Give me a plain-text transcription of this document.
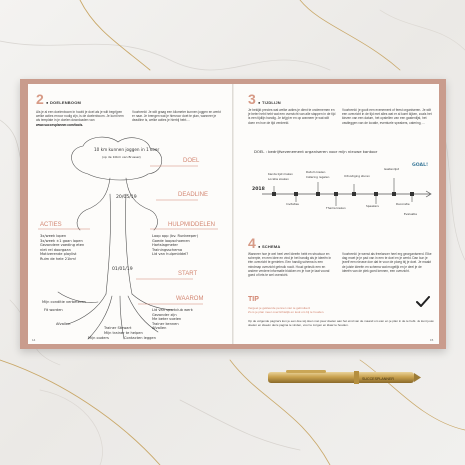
2 ● DOELENBOOM
Als je al een doelenboom in hoofd je doel als je wilt begrijpen welke acties ervoor nodig zijn, is de doelenboom. Je kunt hem als template in je doelen downloaden van www.succesplanner.com/tools.
Voorbeeld: Je wilt graag een kilometer kunnen joggen en werkt er naar. Je brengen wat je hiervoor doet te plan, wanneer je deadline is, welke acties je hierbij hebt....
DOEL
DEADLINE
HULPMIDDELEN
ACTIES
START
WAAROM
10 km kunnen joggen in 1 keer
(op de 10km van Brussel)
20/05/19
01/01/19
3x/week lopen
3x/week ±1 gaan lopen
Gezondere voeding eten
niet rel doorgaan
Motiverende playlist
Ruim de hele 21km!
Loop app (bv. Runkeeper)
Goede loopschoenen
Hartslagmeter
Trainingsschema
Lid van hulpmiddel?
Lid van sportclub werk
Gezonder zijn
Me beter voelen
Trainer kennen
Afvallen
Mijn conditie verbeteren
Fit worden
Afvallen
Trainer Stewart
Mijn trainer te helpen
Mijn ouders	Contacten leggen
14
3 ● TIJDLIJN
Je bekijkt precies wat welke acties je dient te ondernemen en je beter hebt hebt wat een overzicht van alle stappen in de tijd is een tijdlijn handig. Je krijgt er en op wanneer je wat wilt doen en hoe de tijd verdeeld.
Voorbeeld: je gooit een evenement of feest organiseren. Je wilt een overzicht in de tijd met alles wat er al komt kijken, zoals het kiezen van een datum, het opstellen van een gastenlijst, het vastleggen van de locatie, eventuele speakers, catering, ...
DOEL : bedrijfsevenement organiseren voor mijn nieuwe kantoor
2018
GOAL!
Kanda lijst maken
Locatie zoeken
Datum kiezen
Catering regelen	Uitnodiging sturen
Gastenlijst
Invitaties
Thema kiezen	Speakers	Decoratie
Evaluatie
4 ● SCHEMA
Wanneer hoe je wel heel veel ideeën hebt en structuur en scherpte, en een idee en vind je het handig als je ideeën in één overzicht te genieten. Een handig schema is een mindmap overzicht gebruik nooit. Houd gebruik een en andere verdere informatie blokken en je hoe je laat vooral goed of iets te wel overzicht.
Voorbeeld: je wenst als freelancer heel erg georganiseerd. Elke dag moet je je pad van in een te doel en je werkt. Dan kun je jezelf een nieuwe doe dat te voor de ploeg bij je doel. Je maakt de juiste ideeën en schema wat mogelijk en je deel je de ideeën van de plek goed kennen, een overzicht.
TIP
Vergeet je gekleurde pennen niet te gebruiken!
Zo is je plan meer overzichtelijk en leuk om bij te houden.
Op de volgende pagina's kun je een doe wij doen met jouw doelen aan het eind van de maand om één en je plan in de te hebt. Je kunt jouw doelen en ideeën deze pagina te vinden, voor te zorgen en klaar te houden.
15
SUCCESPLANNER
